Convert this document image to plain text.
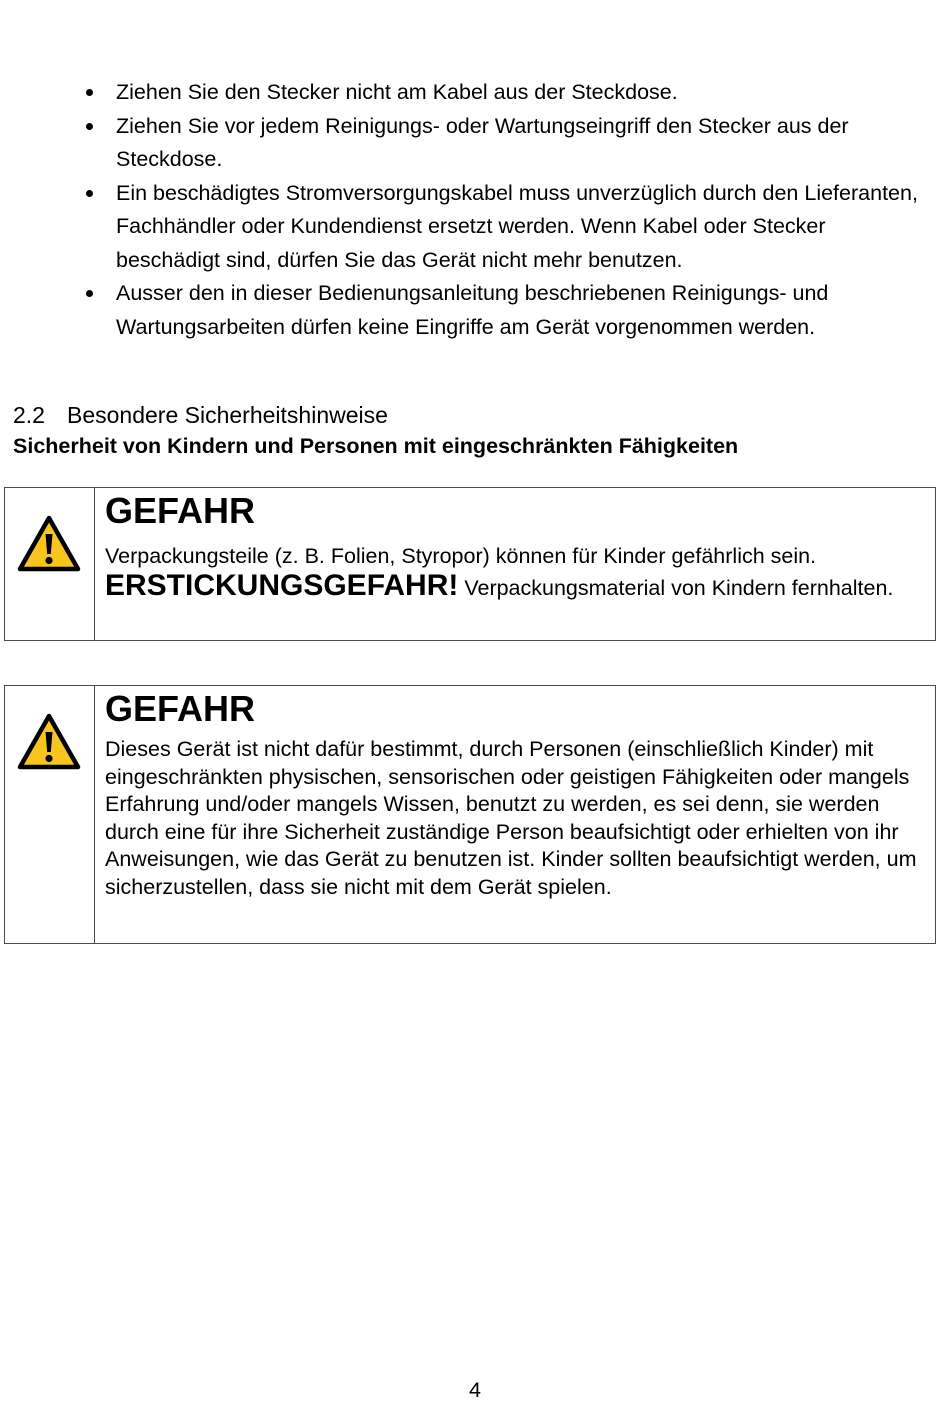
Ziehen Sie den Stecker nicht am Kabel aus der Steckdose.
Ziehen Sie vor jedem Reinigungs- oder Wartungseingriff den Stecker aus der Steckdose.
Ein beschädigtes Stromversorgungskabel muss unverzüglich durch den Lieferanten, Fachhändler oder Kundendienst ersetzt werden. Wenn Kabel oder Stecker beschädigt sind, dürfen Sie das Gerät nicht mehr benutzen.
Ausser den in dieser Bedienungsanleitung beschriebenen Reinigungs- und Wartungsarbeiten dürfen keine Eingriffe am Gerät vorgenommen werden.
2.2 Besondere Sicherheitshinweise
Sicherheit von Kindern und Personen mit eingeschränkten Fähigkeiten
GEFAHR
Verpackungsteile (z. B. Folien, Styropor) können für Kinder gefährlich sein. ERSTICKUNGSGEFAHR! Verpackungsmaterial von Kindern fernhalten.
GEFAHR
Dieses Gerät ist nicht dafür bestimmt, durch Personen (einschließlich Kinder) mit eingeschränkten physischen, sensorischen oder geistigen Fähigkeiten oder mangels Erfahrung und/oder mangels Wissen, benutzt zu werden, es sei denn, sie werden durch eine für ihre Sicherheit zuständige Person beaufsichtigt oder erhielten von ihr Anweisungen, wie das Gerät zu benutzen ist. Kinder sollten beaufsichtigt werden, um sicherzustellen, dass sie nicht mit dem Gerät spielen.
4
